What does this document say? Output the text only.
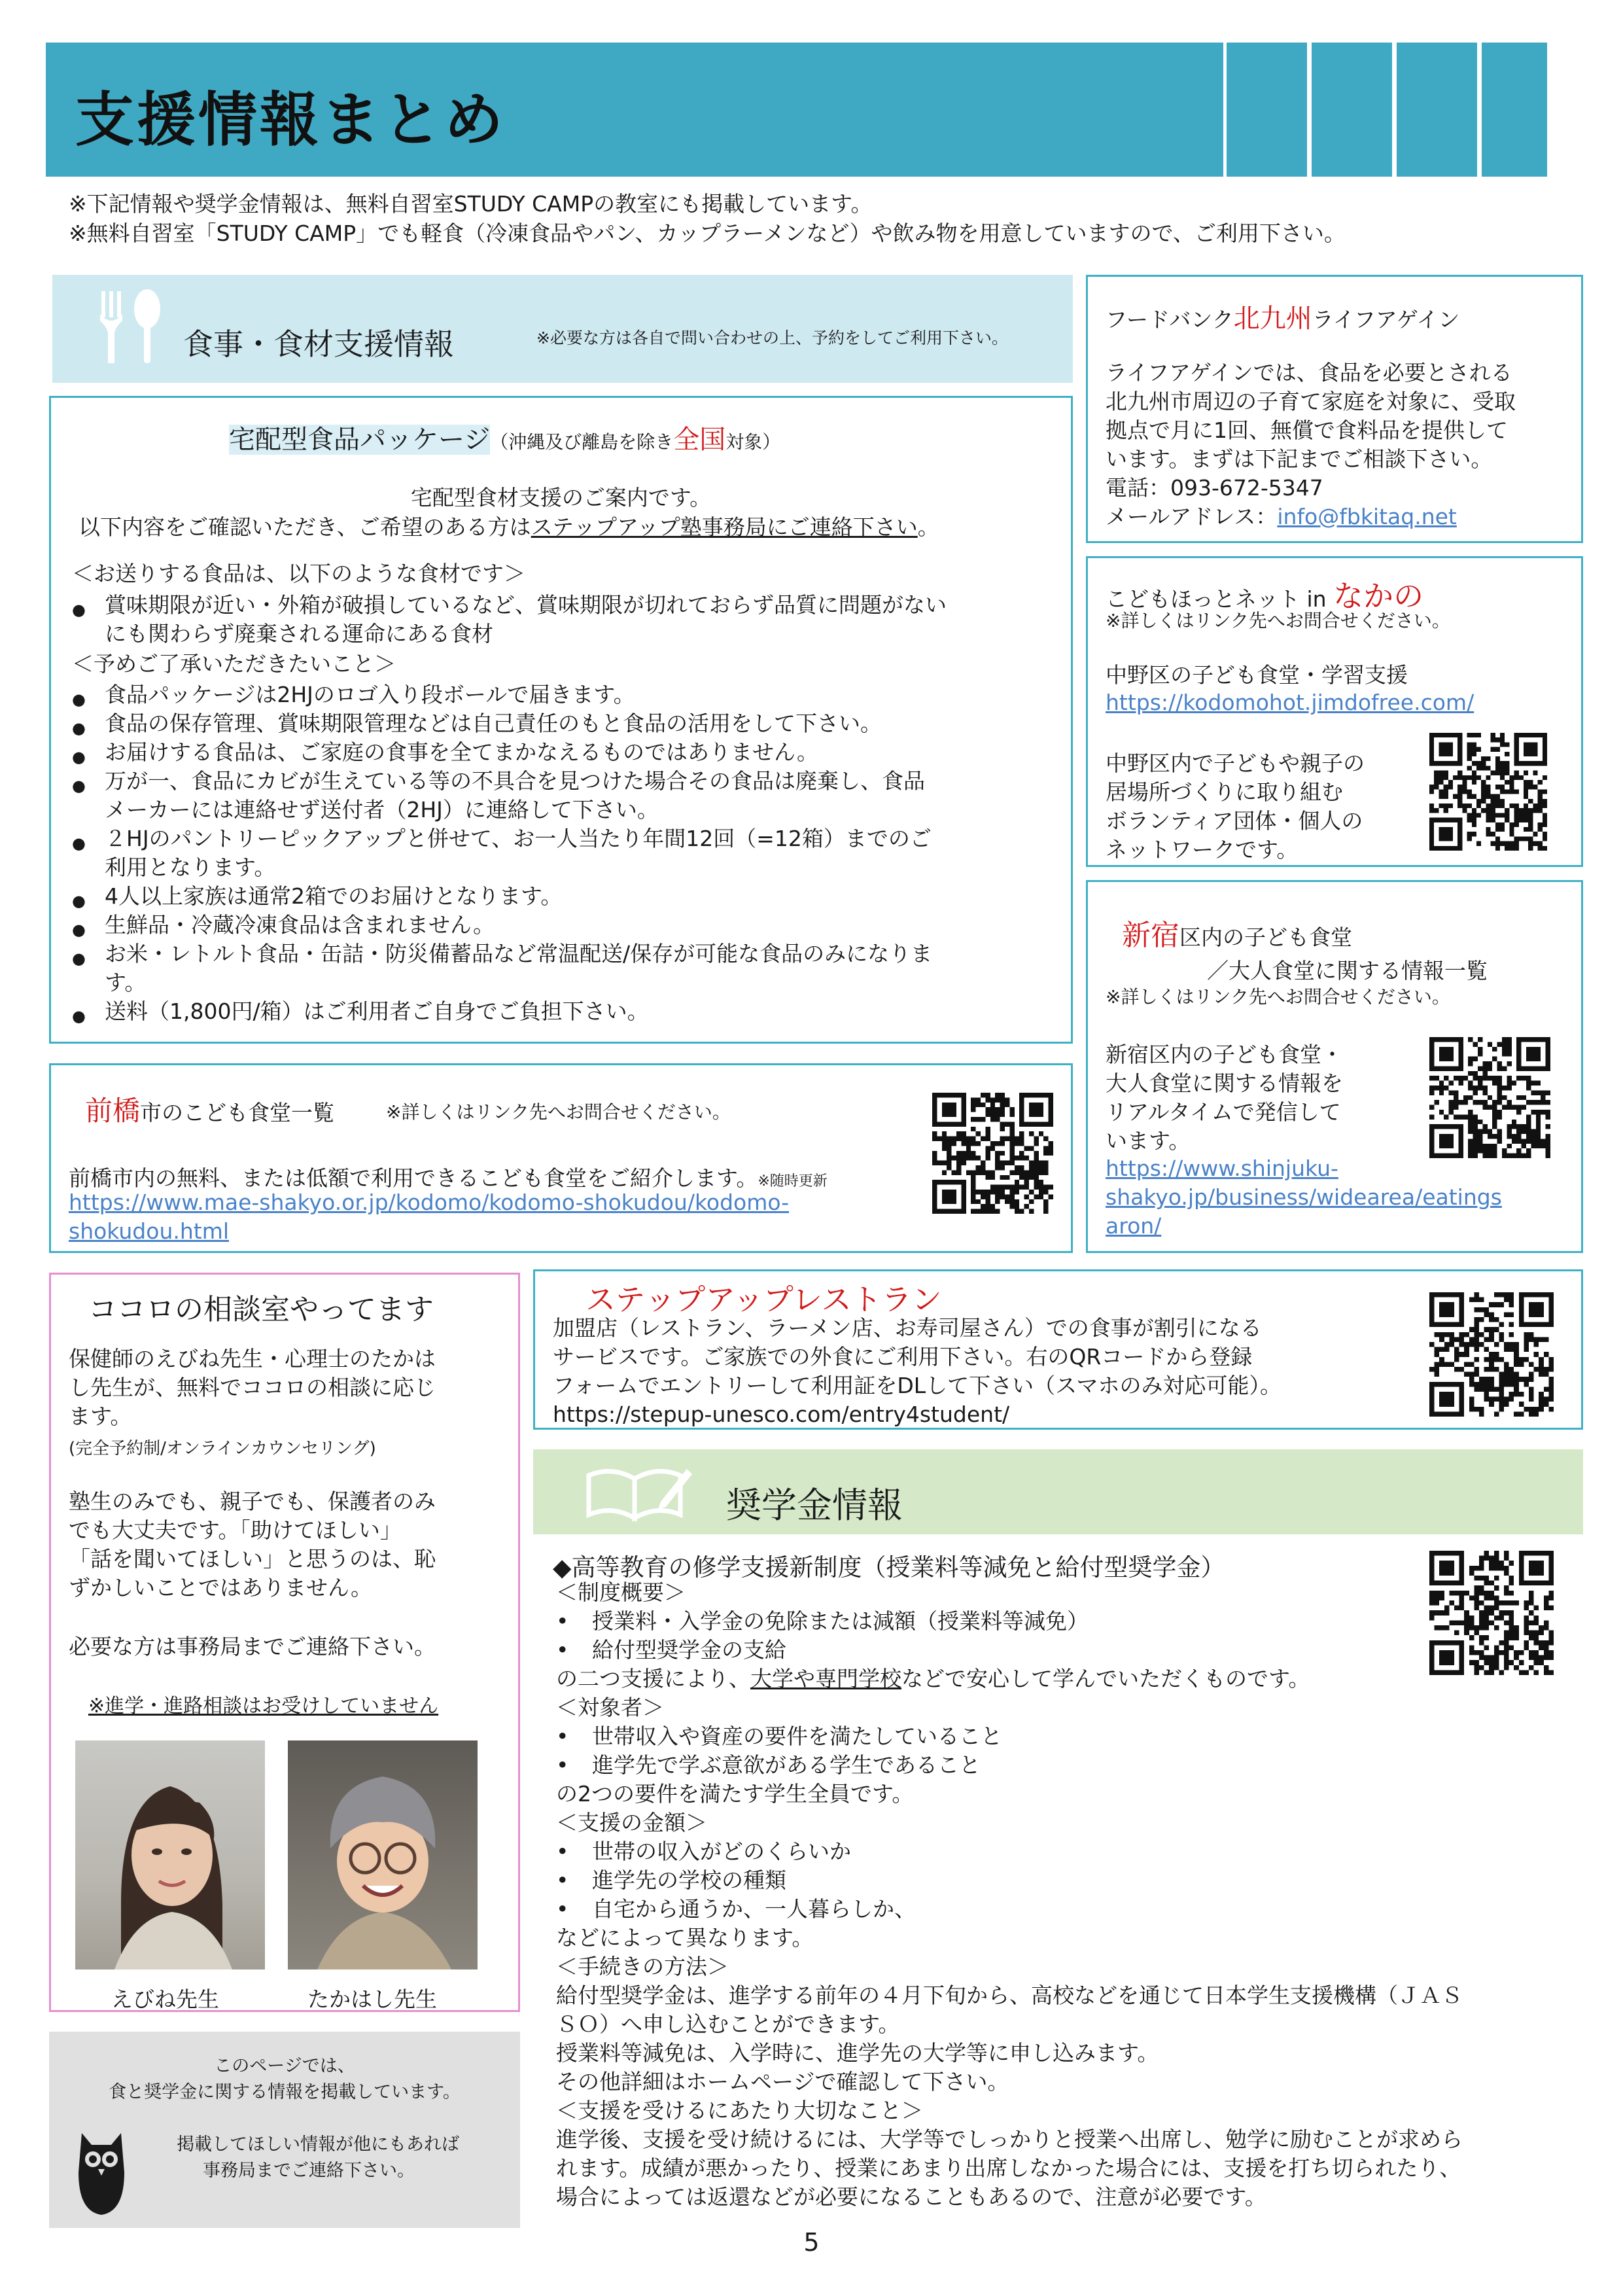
支援情報まとめ
※下記情報や奨学金情報は、無料自習室STUDY CAMPの教室にも掲載しています。
※無料自習室「STUDY CAMP」でも軽食（冷凍食品やパン、カップラーメンなど）や飲み物を用意していますので、ご利用下さい。
食事・食材支援情報	※必要な方は各自で問い合わせの上、予約をしてご利用下さい。
宅配型食品パッケージ（沖縄及び離島を除き全国対象）
宅配型食材支援のご案内です。
以下内容をご確認いただき、ご希望のある方はステップアップ塾事務局にご連絡下さい。
＜お送りする食品は、以下のような食材です＞
● 賞味期限が近い・外箱が破損しているなど、賞味期限が切れておらず品質に問題がない
にも関わらず廃棄される運命にある食材
＜予めご了承いただきたいこと＞
● 食品パッケージは2HJのロゴ入り段ボールで届きます。
● 食品の保存管理、賞味期限管理などは自己責任のもと食品の活用をして下さい。
● お届けする食品は、ご家庭の食事を全てまかなえるものではありません。
● 万が一、食品にカビが生えている等の不具合を見つけた場合その食品は廃棄し、食品
メーカーには連絡せず送付者（2HJ）に連絡して下さい。
● ２HJのパントリーピックアップと併せて、お一人当たり年間12回（=12箱）までのご
利用となります。
● 4人以上家族は通常2箱でのお届けとなります。
● 生鮮品・冷蔵冷凍食品は含まれません。
● お米・レトルト食品・缶詰・防災備蓄品など常温配送/保存が可能な食品のみになりま
す。
● 送料（1,800円/箱）はご利用者ご自身でご負担下さい。
前橋市のこども食堂一覧	※詳しくはリンク先へお問合せください。
前橋市内の無料、または低額で利用できるこども食堂をご紹介します。※随時更新
https://www.mae-shakyo.or.jp/kodomo/kodomo-shokudou/kodomo-
shokudou.html
フードバンク北九州ライフアゲイン
ライフアゲインでは、食品を必要とされる
北九州市周辺の子育て家庭を対象に、受取
拠点で月に1回、無償で食料品を提供して
います。まずは下記までご相談下さい。
電話：093-672-5347
メールアドレス：info@fbkitaq.net
こどもほっとネット in なかの
※詳しくはリンク先へお問合せください。
中野区の子ども食堂・学習支援
https://kodomohot.jimdofree.com/
中野区内で子どもや親子の
居場所づくりに取り組む
ボランティア団体・個人の
ネットワークです。
新宿区内の子ども食堂
／大人食堂に関する情報一覧
※詳しくはリンク先へお問合せください。
新宿区内の子ども食堂・
大人食堂に関する情報を
リアルタイムで発信して
います。
https://www.shinjuku-
shakyo.jp/business/widearea/eatings
aron/
ココロの相談室やってます
保健師のえびね先生・心理士のたかは
し先生が、無料でココロの相談に応じ
ます。
(完全予約制/オンラインカウンセリング)
塾生のみでも、親子でも、保護者のみ
でも大丈夫です。「助けてほしい」
「話を聞いてほしい」と思うのは、恥
ずかしいことではありません。
必要な方は事務局までご連絡下さい。
※進学・進路相談はお受けしていません
えびね先生	たかはし先生
このページでは、
食と奨学金に関する情報を掲載しています。
掲載してほしい情報が他にもあれば
事務局までご連絡下さい。
ステップアップレストラン
加盟店（レストラン、ラーメン店、お寿司屋さん）での食事が割引になる
サービスです。ご家族での外食にご利用下さい。右のQRコードから登録
フォームでエントリーして利用証をDLして下さい（スマホのみ対応可能）。
https://stepup-unesco.com/entry4student/
奨学金情報
◆高等教育の修学支援新制度（授業料等減免と給付型奨学金）
＜制度概要＞
• 授業料・入学金の免除または減額（授業料等減免）
• 給付型奨学金の支給
の二つ支援により、大学や専門学校などで安心して学んでいただくものです。
＜対象者＞
• 世帯収入や資産の要件を満たしていること
• 進学先で学ぶ意欲がある学生であること
の2つの要件を満たす学生全員です。
＜支援の金額＞
• 世帯の収入がどのくらいか
• 進学先の学校の種類
• 自宅から通うか、一人暮らしか、
などによって異なります。
＜手続きの方法＞
給付型奨学金は、進学する前年の４月下旬から、高校などを通じて日本学生支援機構（ＪＡＳ
ＳＯ）へ申し込むことができます。
授業料等減免は、入学時に、進学先の大学等に申し込みます。
その他詳細はホームページで確認して下さい。
＜支援を受けるにあたり大切なこと＞
進学後、支援を受け続けるには、大学等でしっかりと授業へ出席し、勉学に励むことが求めら
れます。成績が悪かったり、授業にあまり出席しなかった場合には、支援を打ち切られたり、
場合によっては返還などが必要になることもあるので、注意が必要です。
5
